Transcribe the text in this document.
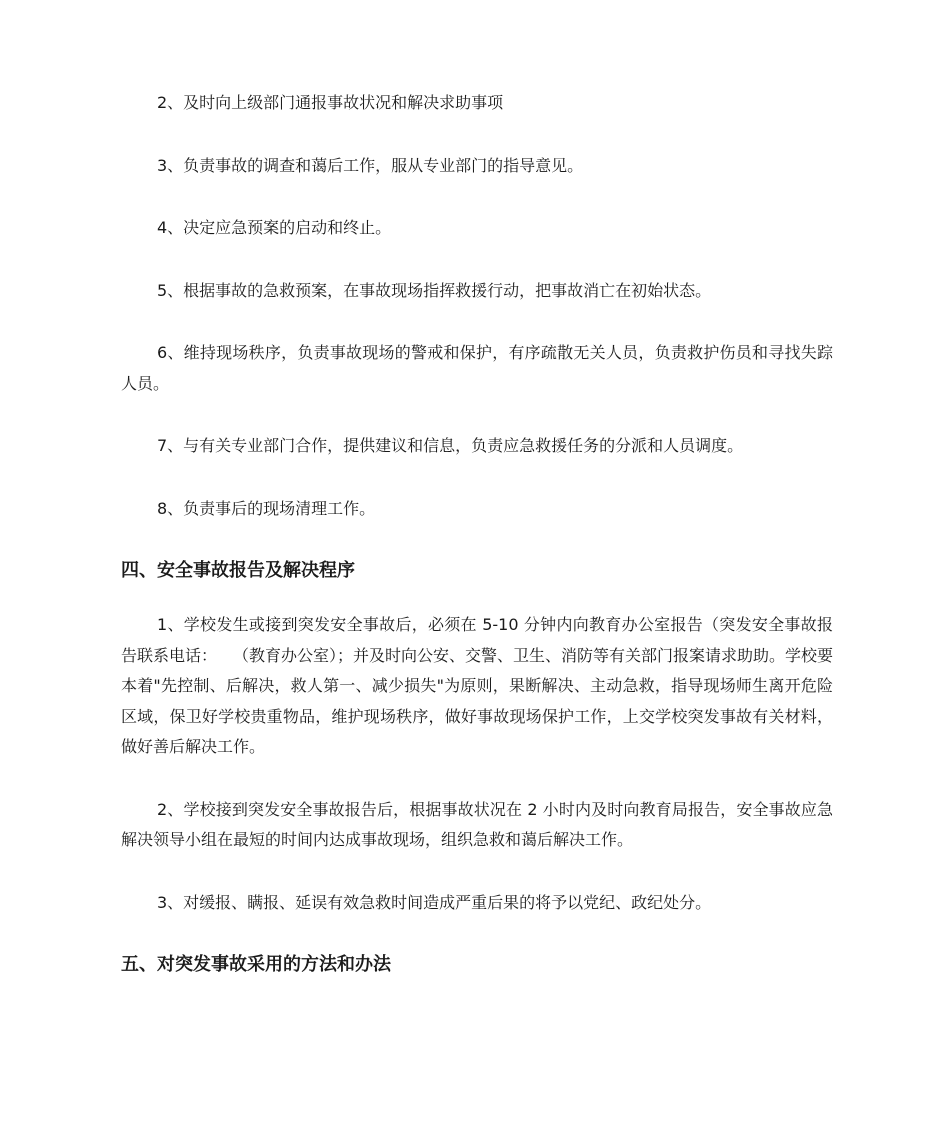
2、及时向上级部门通报事故状况和解决求助事项

3、负责事故的调查和蔼后工作，服从专业部门的指导意见。

4、决定应急预案的启动和终止。

5、根据事故的急救预案，在事故现场指挥救援行动，把事故消亡在初始状态。

6、维持现场秩序，负责事故现场的警戒和保护，有序疏散无关人员，负责救护伤员和寻找失踪人员。

7、与有关专业部门合作，提供建议和信息，负责应急救援任务的分派和人员调度。

8、负责事后的现场清理工作。

四、安全事故报告及解决程序

1、学校发生或接到突发安全事故后，必须在 5-10 分钟内向教育办公室报告（突发安全事故报告联系电话：　　（教育办公室）；并及时向公安、交警、卫生、消防等有关部门报案请求助助。学校要本着"先控制、后解决，救人第一、减少损失"为原则，果断解决、主动急救，指导现场师生离开危险区域，保卫好学校贵重物品，维护现场秩序，做好事故现场保护工作，上交学校突发事故有关材料，做好善后解决工作。

2、学校接到突发安全事故报告后，根据事故状况在 2 小时内及时向教育局报告，安全事故应急解决领导小组在最短的时间内达成事故现场，组织急救和蔼后解决工作。

3、对缓报、瞒报、延误有效急救时间造成严重后果的将予以党纪、政纪处分。

五、对突发事故采用的方法和办法
